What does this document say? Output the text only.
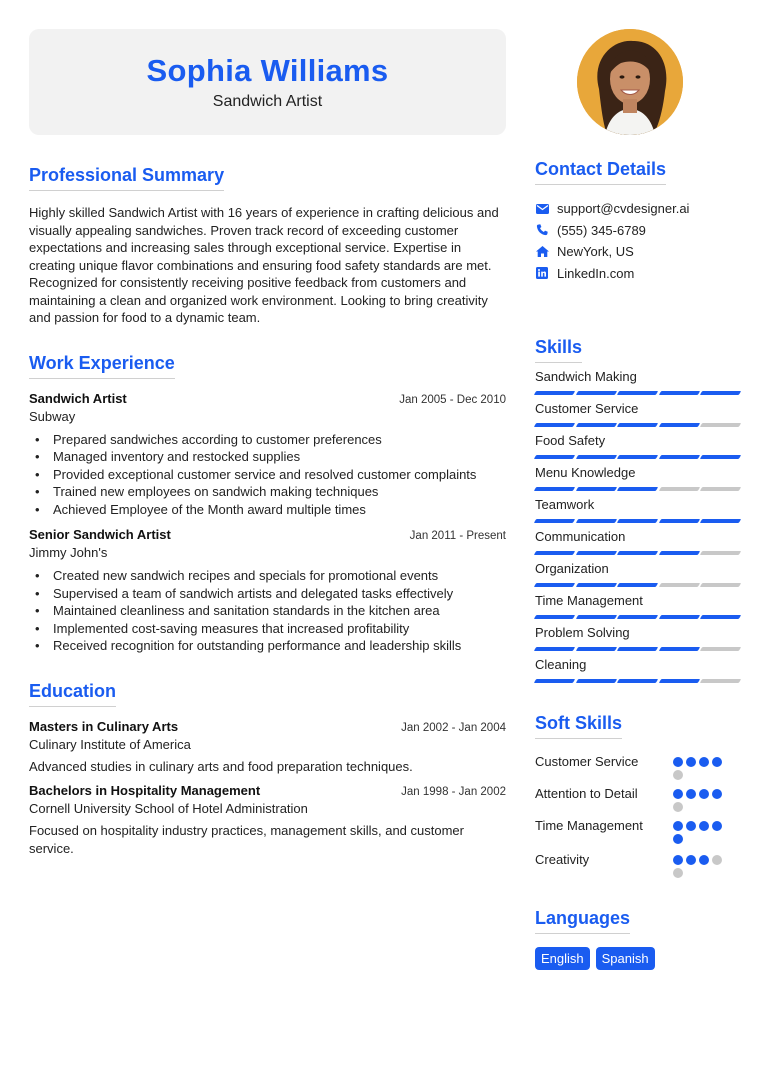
Sophia Williams
Sandwich Artist
Professional Summary

Highly skilled Sandwich Artist with 16 years of experience in crafting delicious and visually appealing sandwiches. Proven track record of exceeding customer expectations and increasing sales through exceptional service. Expertise in creating unique flavor combinations and ensuring food safety standards are met. Recognized for consistently receiving positive feedback from customers and maintaining a clean and organized work environment. Looking to bring creativity and passion for food to a dynamic team.

Work Experience
Sandwich Artist	Jan 2005 - Dec 2010
Subway
• Prepared sandwiches according to customer preferences
• Managed inventory and restocked supplies
• Provided exceptional customer service and resolved customer complaints
• Trained new employees on sandwich making techniques
• Achieved Employee of the Month award multiple times
Senior Sandwich Artist	Jan 2011 - Present
Jimmy John's
• Created new sandwich recipes and specials for promotional events
• Supervised a team of sandwich artists and delegated tasks effectively
• Maintained cleanliness and sanitation standards in the kitchen area
• Implemented cost-saving measures that increased profitability
• Received recognition for outstanding performance and leadership skills
Education
Masters in Culinary Arts	Jan 2002 - Jan 2004
Culinary Institute of America

Advanced studies in culinary arts and food preparation techniques.

Bachelors in Hospitality Management	Jan 1998 - Jan 2002
Cornell University School of Hotel Administration

Focused on hospitality industry practices, management skills, and customer service.

Contact Details
support@cvdesigner.ai
(555) 345-6789
NewYork, US
LinkedIn.com
Skills
Sandwich Making
Customer Service
Food Safety
Menu Knowledge
Teamwork
Communication
Organization
Time Management
Problem Solving
Cleaning
Soft Skills
Customer Service
Attention to Detail
Time Management
Creativity
Languages
English	Spanish
